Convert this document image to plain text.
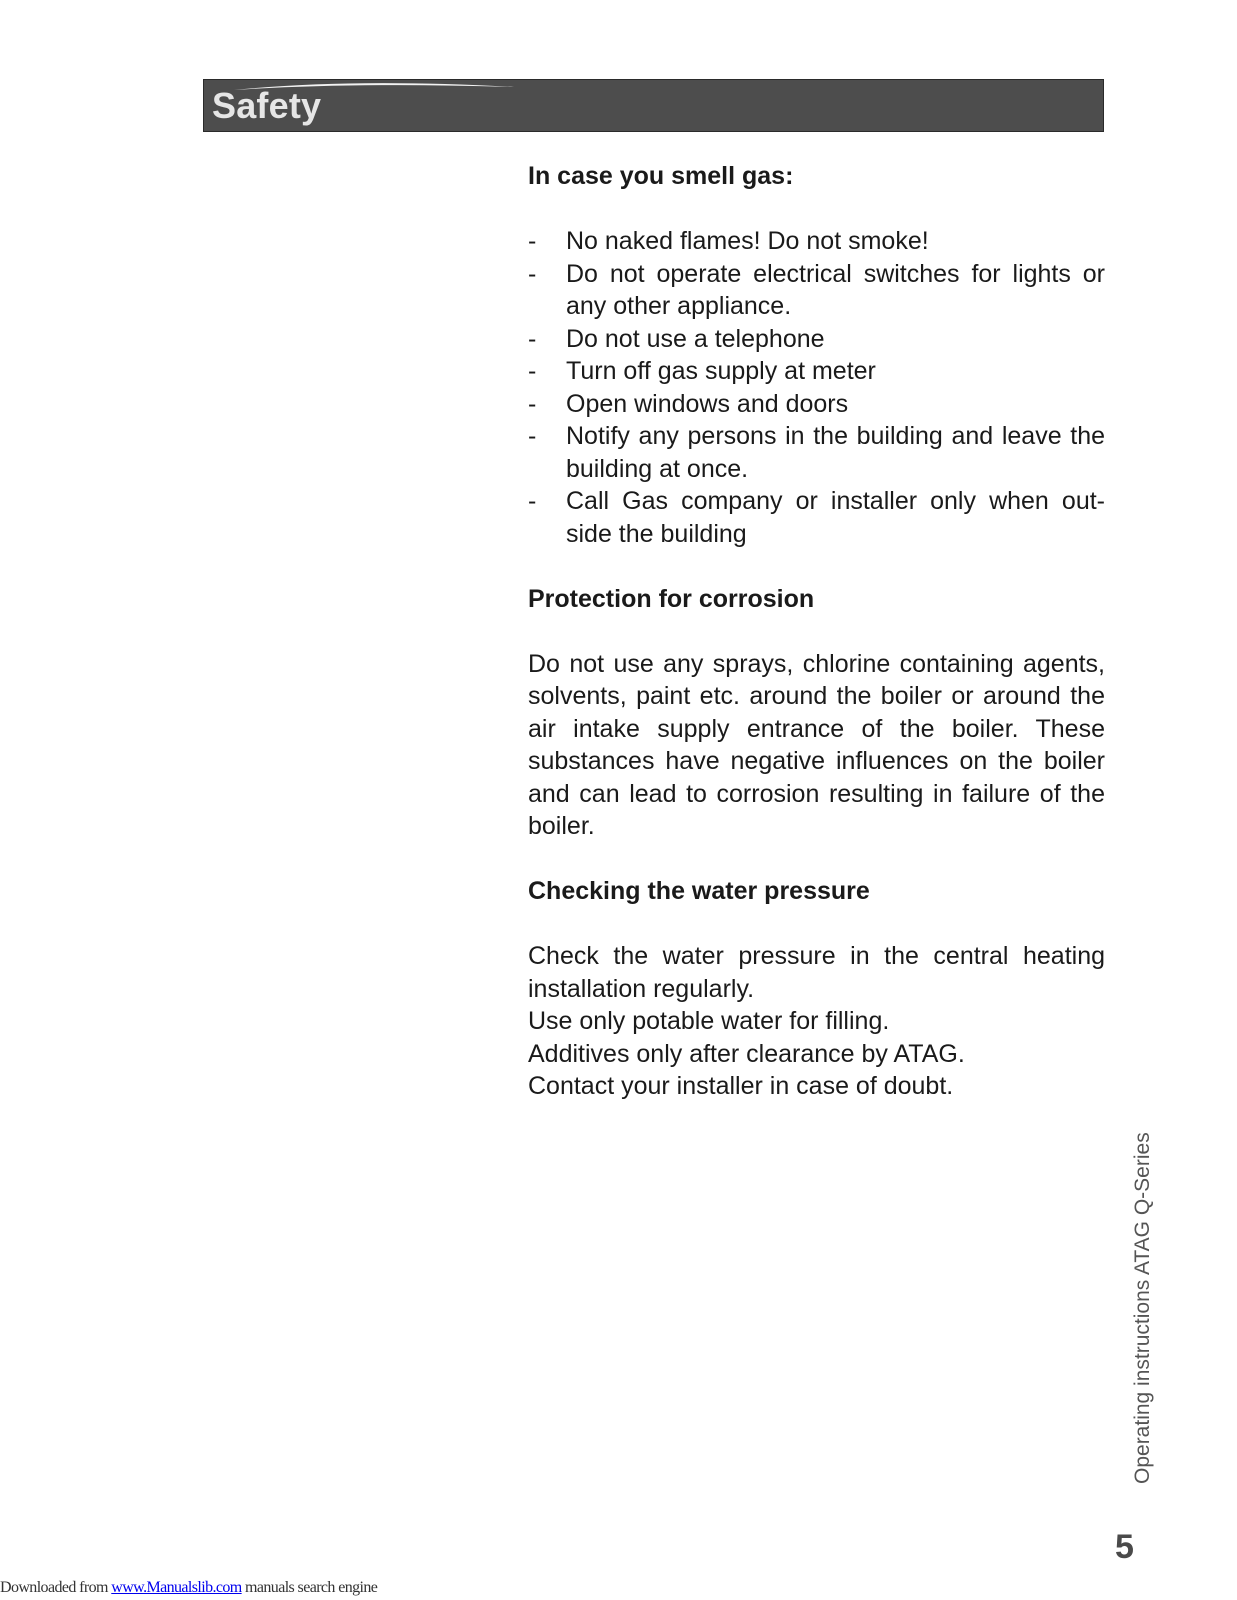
Safety
In case you smell gas:
- No naked flames! Do not smoke!
- Do not operate electrical switches for lights or any other appliance.
- Do not use a telephone
- Turn off gas supply at meter
- Open windows and doors
- Notify any persons in the building and leave the building at once.
- Call Gas company or installer only when out-side the building
Protection for corrosion

Do not use any sprays, chlorine containing agents, solvents, paint etc. around the boiler or around the air intake supply entrance of the boiler. These substances have negative influences on the boiler and can lead to corrosion resulting in failure of the boiler.

Checking the water pressure

Check the water pressure in the central heating installation regularly.
Use only potable water for filling.
Additives only after clearance by ATAG.
Contact your installer in case of doubt.

Operating instructions ATAG Q-Series
5
Downloaded from www.Manualslib.com manuals search engine
